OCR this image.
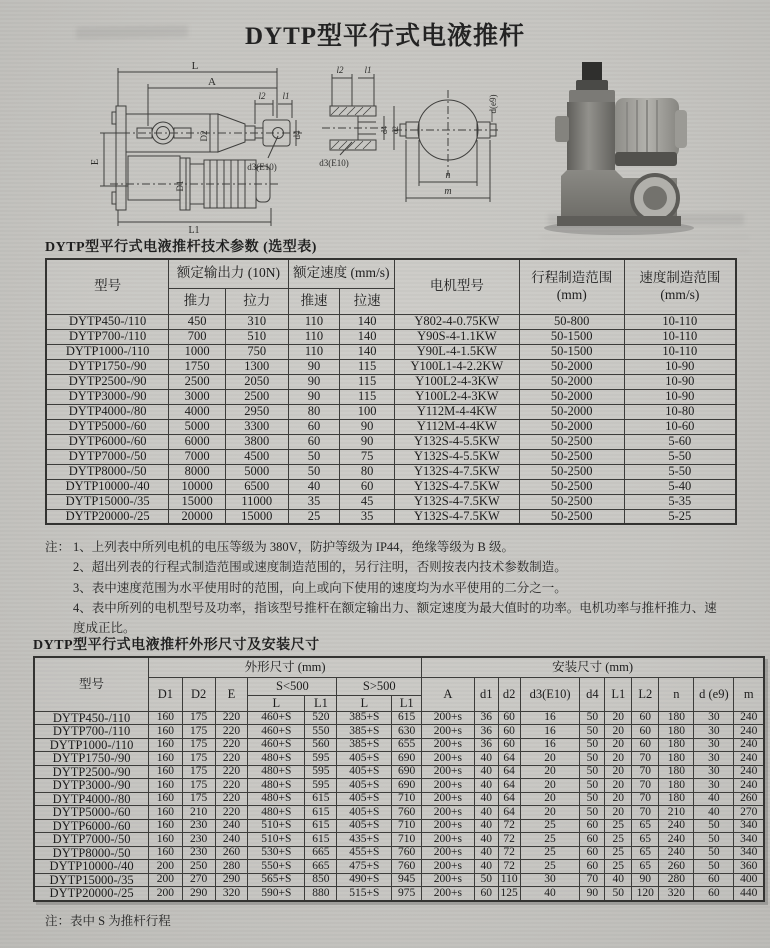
DYTP型平行式电液推杆
L
A
l2 l1
D2	d4
d3(E10)
E
D1
L1
l2 l1
d4 d2
d3(E10)
d(e9)
n
m
DYTP型平行式电液推杆技术参数 (选型表)
型号	额定输出力 (10N)		额定速度 (mm/s)		电机型号	行程制造范围 (mm)	速度制造范围 (mm/s)
	推力	拉力	推速	拉速			
DYTP450-/110	450	310	110	140	Y802-4-0.75KW	50-800	10-110
DYTP700-/110	700	510	110	140	Y90S-4-1.1KW	50-1500	10-110
DYTP1000-/110	1000	750	110	140	Y90L-4-1.5KW	50-1500	10-110
DYTP1750-/90	1750	1300	90	115	Y100L1-4-2.2KW	50-2000	10-90
DYTP2500-/90	2500	2050	90	115	Y100L2-4-3KW	50-2000	10-90
DYTP3000-/90	3000	2500	90	115	Y100L2-4-3KW	50-2000	10-90
DYTP4000-/80	4000	2950	80	100	Y112M-4-4KW	50-2000	10-80
DYTP5000-/60	5000	3300	60	90	Y112M-4-4KW	50-2000	10-60
DYTP6000-/60	6000	3800	60	90	Y132S-4-5.5KW	50-2500	5-60
DYTP7000-/50	7000	4500	50	75	Y132S-4-5.5KW	50-2500	5-50
DYTP8000-/50	8000	5000	50	80	Y132S-4-7.5KW	50-2500	5-50
DYTP10000-/40	10000	6500	40	60	Y132S-4-7.5KW	50-2500	5-40
DYTP15000-/35	15000	11000	35	45	Y132S-4-7.5KW	50-2500	5-35
DYTP20000-/25	20000	15000	25	35	Y132S-4-7.5KW	50-2500	5-25
注： 1、上列表中所列电机的电压等级为 380V，防护等级为 IP44，绝缘等级为 B 级。
2、超出列表的行程式制造范围或速度制造范围的，另行注明，否则按表内技术参数制造。
3、表中速度范围为水平使用时的范围，向上或向下使用的速度均为水平使用的二分之一。
4、表中所列的电机型号及功率，指该型号推杆在额定输出力、额定速度为最大值时的功率。电机功率与推杆推力、速度成正比。
DYTP型平行式电液推杆外形尺寸及安装尺寸
型号	外形尺寸 (mm)							安装尺寸 (mm)									
	D1	D2	E	S<500		S>500		A	d1	d2	d3(E10)	d4	L1	L2	n	d (e9)	m
				L	L1	L	L1										
DYTP450-/110	160	175	220	460+S	520	385+S	615	200+s	36	60	16	50	20	60	180	30	240
DYTP700-/110	160	175	220	460+S	550	385+S	630	200+s	36	60	16	50	20	60	180	30	240
DYTP1000-/110	160	175	220	460+S	560	385+S	655	200+s	36	60	16	50	20	60	180	30	240
DYTP1750-/90	160	175	220	480+S	595	405+S	690	200+s	40	64	20	50	20	70	180	30	240
DYTP2500-/90	160	175	220	480+S	595	405+S	690	200+s	40	64	20	50	20	70	180	30	240
DYTP3000-/90	160	175	220	480+S	595	405+S	690	200+s	40	64	20	50	20	70	180	30	240
DYTP4000-/80	160	175	220	480+S	615	405+S	710	200+s	40	64	20	50	20	70	180	40	260
DYTP5000-/60	160	210	220	480+S	615	405+S	760	200+s	40	64	20	50	20	70	210	40	270
DYTP6000-/60	160	230	240	510+S	615	405+S	710	200+s	40	72	25	60	25	65	240	50	340
DYTP7000-/50	160	230	240	510+S	615	435+S	710	200+s	40	72	25	60	25	65	240	50	340
DYTP8000-/50	160	230	260	530+S	665	455+S	760	200+s	40	72	25	60	25	65	240	50	340
DYTP10000-/40	200	250	280	550+S	665	475+S	760	200+s	40	72	25	60	25	65	260	50	360
DYTP15000-/35	200	270	290	565+S	850	490+S	945	200+s	50	110	30	70	40	90	280	60	400
DYTP20000-/25	200	290	320	590+S	880	515+S	975	200+s	60	125	40	90	50	120	320	60	440
注：表中 S 为推杆行程
